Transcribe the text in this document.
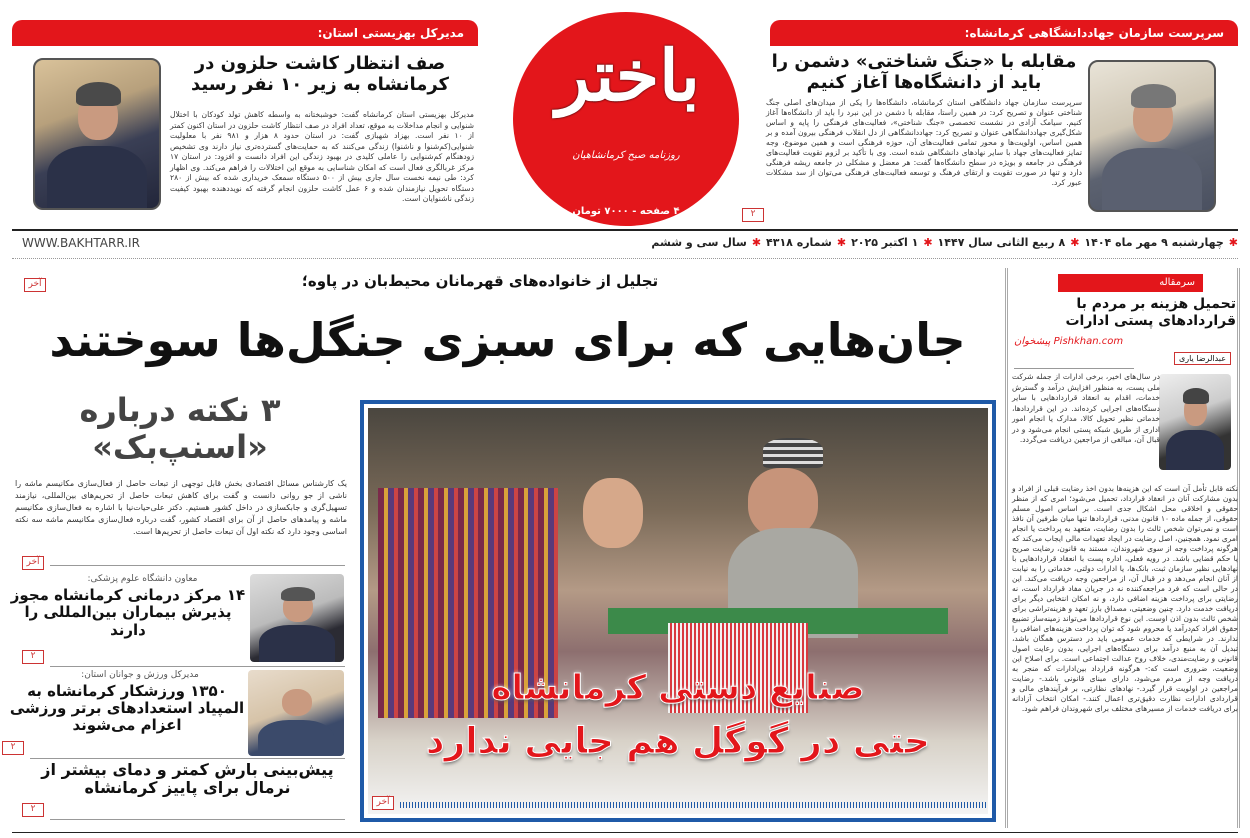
مدیرکل بهزیستی استان:
صف انتظار کاشت حلزون در کرمانشاه به زیر ۱۰ نفر رسید
مدیرکل بهزیستی استان کرمانشاه گفت: خوشبختانه به واسطه کاهش تولد کودکان با اختلال شنوایی و انجام مداخلات به موقع، تعداد افراد در صف انتظار کاشت حلزون در استان اکنون کمتر از ۱۰ نفر است. بهزاد شهبازی گفت: در استان حدود ۸ هزار و ۹۸۱ نفر با معلولیت شنوایی(کم‌شنوا و ناشنوا) زندگی می‌کنند که به حمایت‌های گسترده‌تری نیاز دارند وی تشخیص زودهنگام کم‌شنوایی را عاملی کلیدی در بهبود زندگی این افراد دانست و افزود: در استان ۱۷ مرکز غربالگری فعال است که امکان شناسایی به موقع این اختلالات را فراهم می‌کند. وی اظهار کرد: طی نیمه نخست سال جاری بیش از ۵۰۰ دستگاه سمعک خریداری شده که بیش از ۲۸۰ دستگاه تحویل نیازمندان شده و ۶ عمل کاشت حلزون انجام گرفته که نویددهنده بهبود کیفیت زندگی ناشنوایان است.
باختر
روزنامه صبح کرمانشاهیان
۴ صفحه - ۷۰۰۰ تومان
سرپرست سازمان جهاددانشگاهی کرمانشاه:
مقابله با «جنگ شناختی» دشمن را باید از دانشگاه‌ها آغاز کنیم
سرپرست سازمان جهاد دانشگاهی استان کرمانشاه، دانشگاه‌ها را یکی از میدان‌های اصلی جنگ شناختی عنوان و تصریح کرد: در همین راستا، مقابله با دشمن در این نبرد را باید از دانشگاه‌ها آغاز کنیم. سیامک آزادی در نشست تخصصی «جنگ شناختی»، فعالیت‌های فرهنگی را پایه و اساس شکل‌گیری جهاددانشگاهی عنوان و تصریح کرد: جهاددانشگاهی از دل انقلاب فرهنگی بیرون آمده و بر همین اساس، اولویت‌ها و محور تمامی فعالیت‌های آن، حوزه فرهنگی است و همین موضوع، وجه تمایز فعالیت‌های جهاد با سایر نهادهای دانشگاهی شده است. وی با تأکید بر لزوم تقویت فعالیت‌های فرهنگی در جامعه و بویژه در سطح دانشگاه‌ها گفت: هر معضل و مشکلی در جامعه ریشه فرهنگی دارد و تنها در صورت تقویت و ارتقای فرهنگ و توسعه فعالیت‌های فرهنگی می‌توان از سد مشکلات عبور کرد.
۲
WWW.BAKHTARR.IR	✱
چهارشنبه ۹ مهر ماه ۱۴۰۴
✱
۸ ربیع الثانی سال ۱۴۴۷
✱
۱ اکتبر ۲۰۲۵
✱
شماره ۴۳۱۸
✱
سال سی و ششم
تجلیل از خانواده‌های قهرمانان محیط‌بان در پاوه؛
آخر
جان‌هایی که برای سبزی جنگل‌ها سوختند
۳ نکته درباره
«اسنپ‌بک»
یک کارشناس مسائل اقتصادی بخش قابل توجهی از تبعات حاصل از فعال‌سازی مکانیسم ماشه را ناشی از جو روانی دانست و گفت برای کاهش تبعات حاصل از تحریم‌های بین‌المللی، نیازمند تسهیل‌گری و جابکسازی در داخل کشور هستیم. دکتر علی‌حیات‌نیا با اشاره به فعال‌سازی مکانیسم ماشه و پیامدهای حاصل از آن برای اقتصاد کشور، گفت درباره فعال‌سازی مکانیسم ماشه سه نکته اساسی وجود دارد که نکته اول آن تبعات حاصل از تحریم‌ها است.
آخر
معاون دانشگاه علوم پزشکی:
۱۴ مرکز درمانی کرمانشاه مجوز پذیرش بیماران بین‌المللی را دارند
۲
مدیرکل ورزش و جوانان استان:
۱۳۵۰ ورزشکار کرمانشاه به المپیاد استعدادهای برتر ورزشی اعزام می‌شوند
۲
پیش‌بینی بارش کمتر و دمای بیشتر از نرمال برای پاییز کرمانشاه
۲
صنایع دستی کرمانشاه
حتی در گوگل هم جایی ندارد
آخر
سرمقاله
تحمیل هزینه بر مردم با قراردادهای پستی ادارات
پیشخوان Pishkhan.com
عبدالرضا یاری
در سال‌های اخیر، برخی ادارات از جمله شرکت ملی پست، به منظور افزایش درآمد و گسترش خدمات، اقدام به انعقاد قراردادهایی با سایر دستگاه‌های اجرایی کرده‌اند. در این قراردادها، خدماتی نظیر تحویل کالا، مدارک یا انجام امور اداری از طریق شبکه پستی انجام می‌شود و در قبال آن، مبالغی از مراجعین دریافت می‌گردد.
نکته قابل تأمل آن است که این هزینه‌ها بدون اخذ رضایت قبلی از افراد و بدون مشارکت آنان در انعقاد قرارداد، تحمیل می‌شود؛ امری که از منظر حقوقی و اخلاقی محل اشکال جدی است. بر اساس اصول مسلم حقوقی، از جمله ماده ۱۰ قانون مدنی، قراردادها تنها میان طرفین آن نافذ است و نمی‌توان شخص ثالث را بدون رضایت، متعهد به پرداخت یا انجام امری نمود. همچنین، اصل رضایت در ایجاد تعهدات مالی ایجاب می‌کند که هرگونه پرداخت وجه از سوی شهروندان، مستند به قانون، رضایت صریح یا حکم قضایی باشد. در رویه فعلی، اداره پست با انعقاد قراردادهایی با نهادهایی نظیر سازمان ثبت، بانک‌ها، یا ادارات دولتی، خدماتی را به نیابت از آنان انجام می‌دهد و در قبال آن، از مراجعین وجه دریافت می‌کند. این در حالی است که فرد مراجعه‌کننده نه در جریان مفاد قرارداد است، نه رضایتی برای پرداخت هزینه اضافی دارد، و نه امکان انتخابی دیگر برای دریافت خدمت دارد. چنین وضعیتی، مصداق بارز تعهد و هزینه‌تراشی برای شخص ثالث بدون اذن اوست. این نوع قراردادها می‌تواند زمینه‌ساز تضییع حقوق افراد کم‌درآمد یا محروم شود که توان پرداخت هزینه‌های اضافی را ندارند. در شرایطی که خدمات عمومی باید در دسترس همگان باشد، تبدیل آن به منبع درآمد برای دستگاه‌های اجرایی، بدون رعایت اصول قانونی و رضایت‌مندی، خلاف روح عدالت اجتماعی است. برای اصلاح این وضعیت، ضروری است که:- هرگونه قرارداد بین‌ادارات که منجر به دریافت وجه از مردم می‌شود، دارای مبنای قانونی باشد.- رضایت مراجعین در اولویت قرار گیرد.- نهادهای نظارتی، بر فرآیندهای مالی و قراردادی ادارات نظارت دقیق‌تری اعمال کنند.- امکان انتخاب آزادانه برای دریافت خدمات از مسیرهای مختلف برای شهروندان فراهم شود.
